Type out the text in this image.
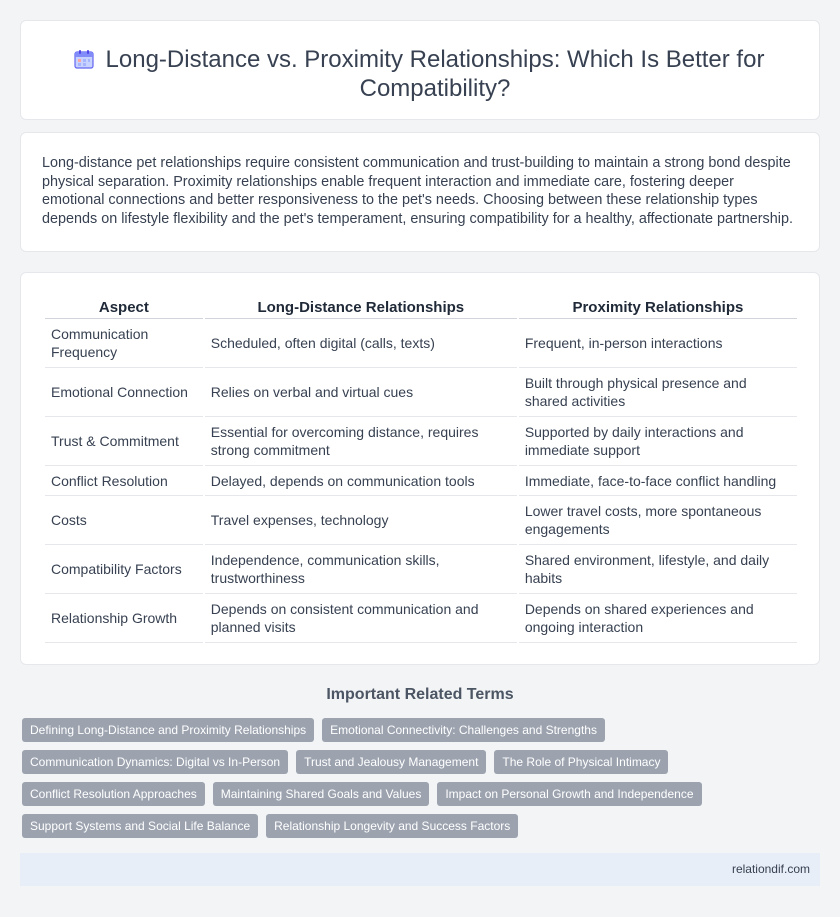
Long-Distance vs. Proximity Relationships: Which Is Better for Compatibility?

Long-distance pet relationships require consistent communication and trust-building to maintain a strong bond despite physical separation. Proximity relationships enable frequent interaction and immediate care, fostering deeper emotional connections and better responsiveness to the pet's needs. Choosing between these relationship types depends on lifestyle flexibility and the pet's temperament, ensuring compatibility for a healthy, affectionate partnership.

Aspect	Long-Distance Relationships	Proximity Relationships
Communication Frequency	Scheduled, often digital (calls, texts)	Frequent, in-person interactions
Emotional Connection	Relies on verbal and virtual cues	Built through physical presence and shared activities
Trust & Commitment	Essential for overcoming distance, requires strong commitment	Supported by daily interactions and immediate support
Conflict Resolution	Delayed, depends on communication tools	Immediate, face-to-face conflict handling
Costs	Travel expenses, technology	Lower travel costs, more spontaneous engagements
Compatibility Factors	Independence, communication skills, trustworthiness	Shared environment, lifestyle, and daily habits
Relationship Growth	Depends on consistent communication and planned visits	Depends on shared experiences and ongoing interaction
Important Related Terms
Defining Long-Distance and Proximity Relationships	Emotional Connectivity: Challenges and Strengths
Communication Dynamics: Digital vs In-Person	Trust and Jealousy Management	The Role of Physical Intimacy
Conflict Resolution Approaches	Maintaining Shared Goals and Values	Impact on Personal Growth and Independence
Support Systems and Social Life Balance	Relationship Longevity and Success Factors
relationdif.com
